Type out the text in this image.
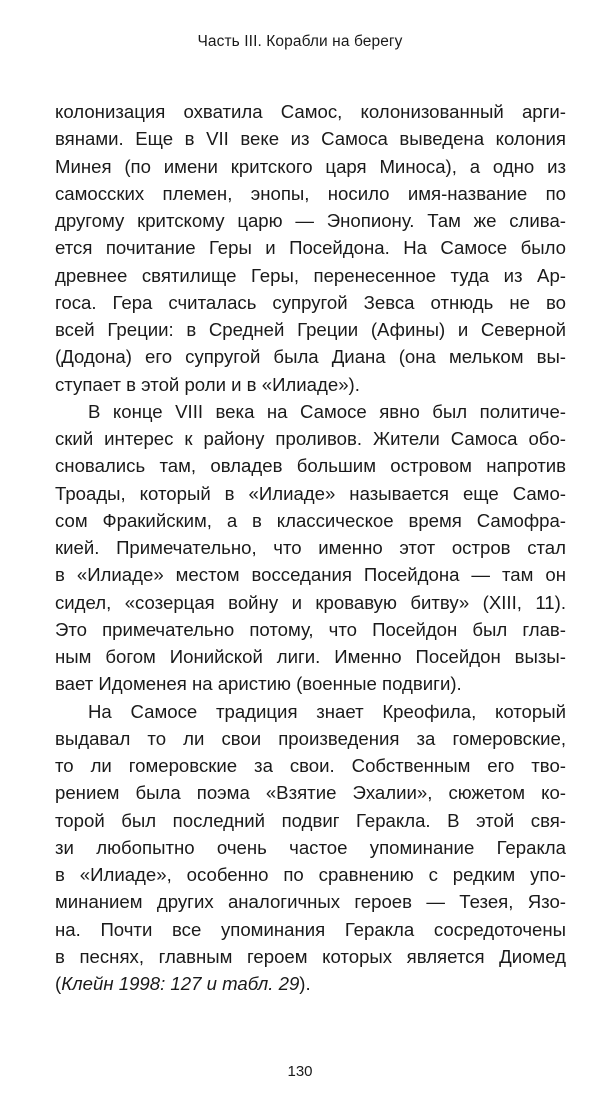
Часть III. Корабли на берегу
колонизация охватила Самос, колонизованный арги-
вянами. Еще в VII веке из Самоса выведена колония
Минея (по имени критского царя Миноса), а одно из
самосских племен, энопы, носило имя-название по
другому критскому царю — Энопиону. Там же слива-
ется почитание Геры и Посейдона. На Самосе было
древнее святилище Геры, перенесенное туда из Ар-
госа. Гера считалась супругой Зевса отнюдь не во
всей Греции: в Средней Греции (Афины) и Северной
(Додона) его супругой была Диана (она мельком вы-
ступает в этой роли и в «Илиаде»).
В конце VIII века на Самосе явно был политиче-
ский интерес к району проливов. Жители Самоса обо-
сновались там, овладев большим островом напротив
Троады, который в «Илиаде» называется еще Само-
сом Фракийским, а в классическое время Самофра-
кией. Примечательно, что именно этот остров стал
в «Илиаде» местом восседания Посейдона — там он
сидел, «созерцая войну и кровавую битву» (XIII, 11).
Это примечательно потому, что Посейдон был глав-
ным богом Ионийской лиги. Именно Посейдон вызы-
вает Идоменея на аристию (военные подвиги).
На Самосе традиция знает Креофила, который
выдавал то ли свои произведения за гомеровские,
то ли гомеровские за свои. Собственным его тво-
рением была поэма «Взятие Эхалии», сюжетом ко-
торой был последний подвиг Геракла. В этой свя-
зи любопытно очень частое упоминание Геракла
в «Илиаде», особенно по сравнению с редким упо-
минанием других аналогичных героев — Тезея, Язо-
на. Почти все упоминания Геракла сосредоточены
в песнях, главным героем которых является Диомед
(Клейн 1998: 127 и табл. 29).
130
